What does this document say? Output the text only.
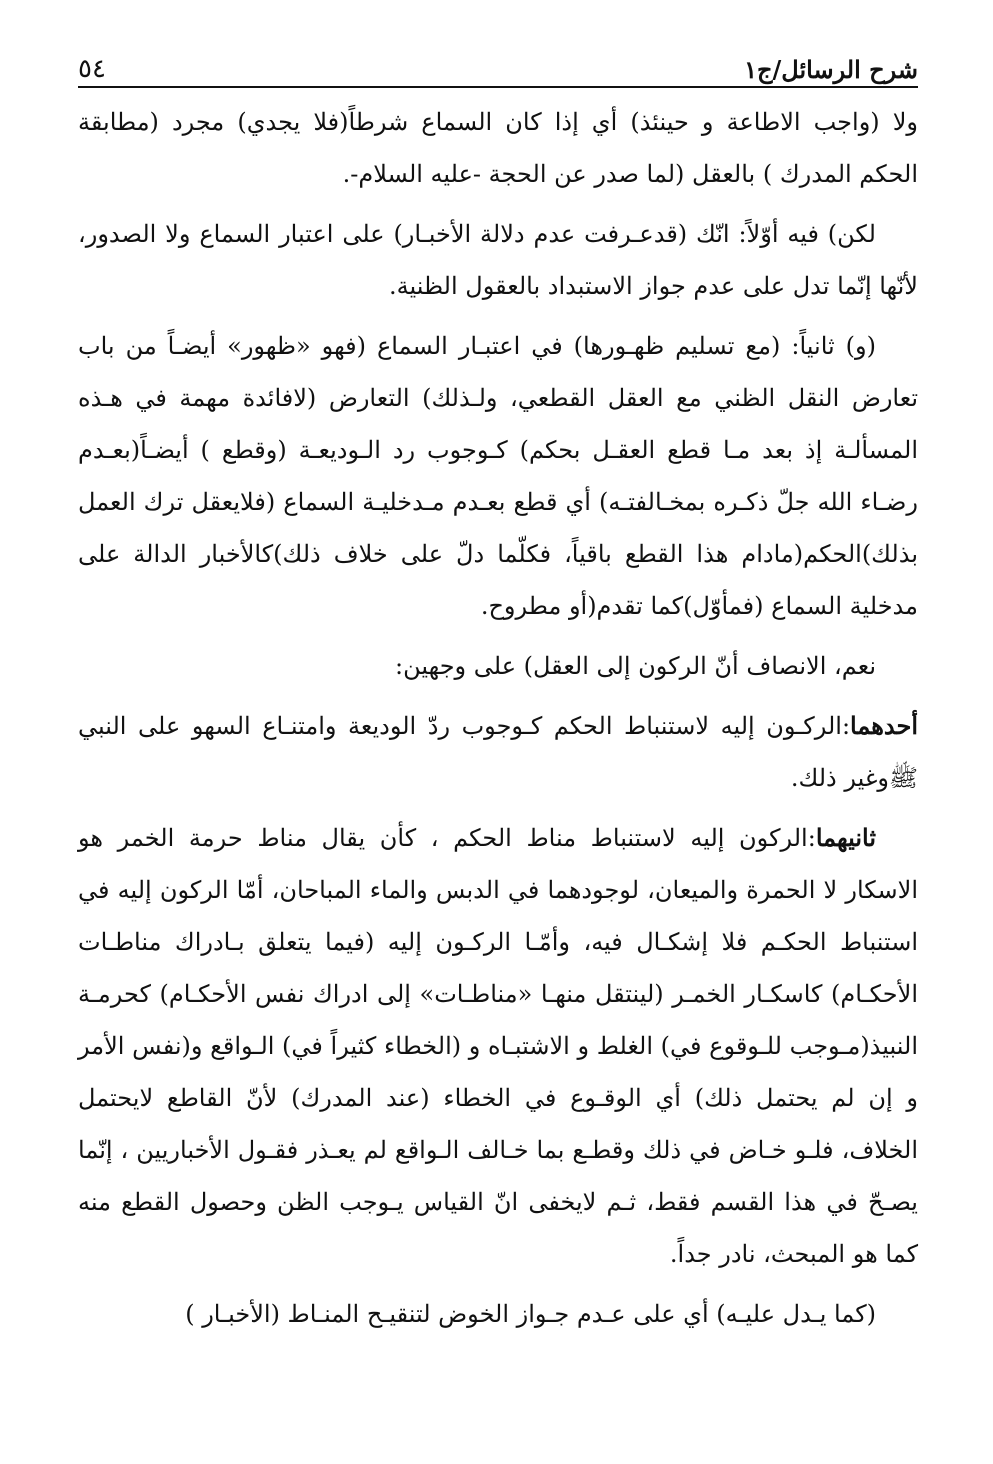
٥٤	شرح الرسائل/ج١

ولا (واجب الاطاعة و حينئذ) أي إذا كان السماع شرطاً(فلا يجدي) مجرد (مطابقة الحكم المدرك ) بالعقل (لما صدر عن الحجة -عليه السلام-.

لكن) فيه أوّلاً: انّك (قدعـرفت عدم دلالة الأخبـار) على اعتبار السماع ولا الصدور، لأنّها إنّما تدل على عدم جواز الاستبداد بالعقول الظنية.

(و) ثانياً: (مع تسليم ظهـورها) في اعتبـار السماع (فهو «ظهور» أيضـاً من باب تعارض النقل الظني مع العقل القطعي، ولـذلك) التعارض (لافائدة مهمة في هـذه المسألـة إذ بعد مـا قطع العقـل بحكم) كـوجوب رد الـوديعـة (وقطع ) أيضـاً(بعـدم رضـاء الله جلّ ذكـره بمخـالفتـه) أي قطع بعـدم مـدخليـة السماع (فلايعقل ترك العمل بذلك)الحكم(مادام هذا القطع باقياً، فكلّما دلّ على خلاف ذلك)كالأخبار الدالة على مدخلية السماع (فمأوّل)كما تقدم(أو مطروح.

نعم، الانصاف أنّ الركون إلى العقل) على وجهين:

أحدهما:الركـون إليه لاستنباط الحكم كـوجوب ردّ الوديعة وامتنـاع السهو على النبي ﷺوغير ذلك.

ثانيهما:الركون إليه لاستنباط مناط الحكم ، كأن يقال مناط حرمة الخمر هو الاسكار لا الحمرة والميعان، لوجودهما في الدبس والماء المباحان، أمّا الركون إليه في استنباط الحكـم فلا إشكـال فيه، وأمّـا الركـون إليه (فيما يتعلق بـادراك مناطـات الأحكـام) كاسكـار الخمـر (لينتقل منهـا «مناطـات» إلى ادراك نفس الأحكـام) كحرمـة النبيذ(مـوجب للـوقوع في) الغلط و الاشتبـاه و (الخطاء كثيراً في) الـواقع و(نفس الأمر و إن لم يحتمل ذلك) أي الوقـوع في الخطاء (عند المدرك) لأنّ القاطع لايحتمل الخلاف، فلـو خـاض في ذلك وقطـع بما خـالف الـواقع لم يعـذر فقـول الأخباريين ، إنّما يصـحّ في هذا القسم فقط، ثـم لايخفى انّ القياس يـوجب الظن وحصول القطع منه كما هو المبحث، نادر جداً.

(كما يـدل عليـه) أي على عـدم جـواز الخوض لتنقيـح المنـاط (الأخبـار )
